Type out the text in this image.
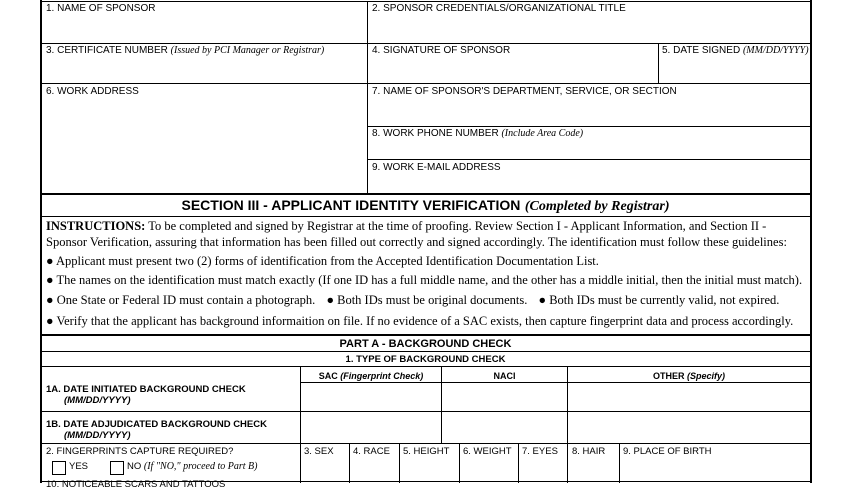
1. NAME OF SPONSOR	2. SPONSOR CREDENTIALS/ORGANIZATIONAL TITLE
3. CERTIFICATE NUMBER (Issued by PCI Manager or Registrar)	4. SIGNATURE OF SPONSOR	5. DATE SIGNED (MM/DD/YYYY)
6. WORK ADDRESS	7. NAME OF SPONSOR'S DEPARTMENT, SERVICE, OR SECTION
8. WORK PHONE NUMBER (Include Area Code)
9. WORK E-MAIL ADDRESS
SECTION III - APPLICANT IDENTITY VERIFICATION (Completed by Registrar)
INSTRUCTIONS: To be completed and signed by Registrar at the time of proofing. Review Section I - Applicant Information, and Section II -
Sponsor Verification, assuring that information has been filled out correctly and signed accordingly. The identification must follow these guidelines:
● Applicant must present two (2) forms of identification from the Accepted Identification Documentation List.
● The names on the identification must match exactly (If one ID has a full middle name, and the other has a middle initial, then the initial must match).
● One State or Federal ID must contain a photograph. ● Both IDs must be original documents. ● Both IDs must be currently valid, not expired.
● Verify that the applicant has background informaition on file. If no evidence of a SAC exists, then capture fingerprint data and process accordingly.
PART A - BACKGROUND CHECK
1. TYPE OF BACKGROUND CHECK
SAC (Fingerprint Check)	NACI	OTHER (Specify)
1A. DATE INITIATED BACKGROUND CHECK
(MM/DD/YYYY)
1B. DATE ADJUDICATED BACKGROUND CHECK
(MM/DD/YYYY)
2. FINGERPRINTS CAPTURE REQUIRED?
YES	NO (If "NO," proceed to Part B)
3. SEX 4. RACE 5. HEIGHT 6. WEIGHT 7. EYES 8. HAIR 9. PLACE OF BIRTH
10. NOTICEABLE SCARS AND TATTOOS
